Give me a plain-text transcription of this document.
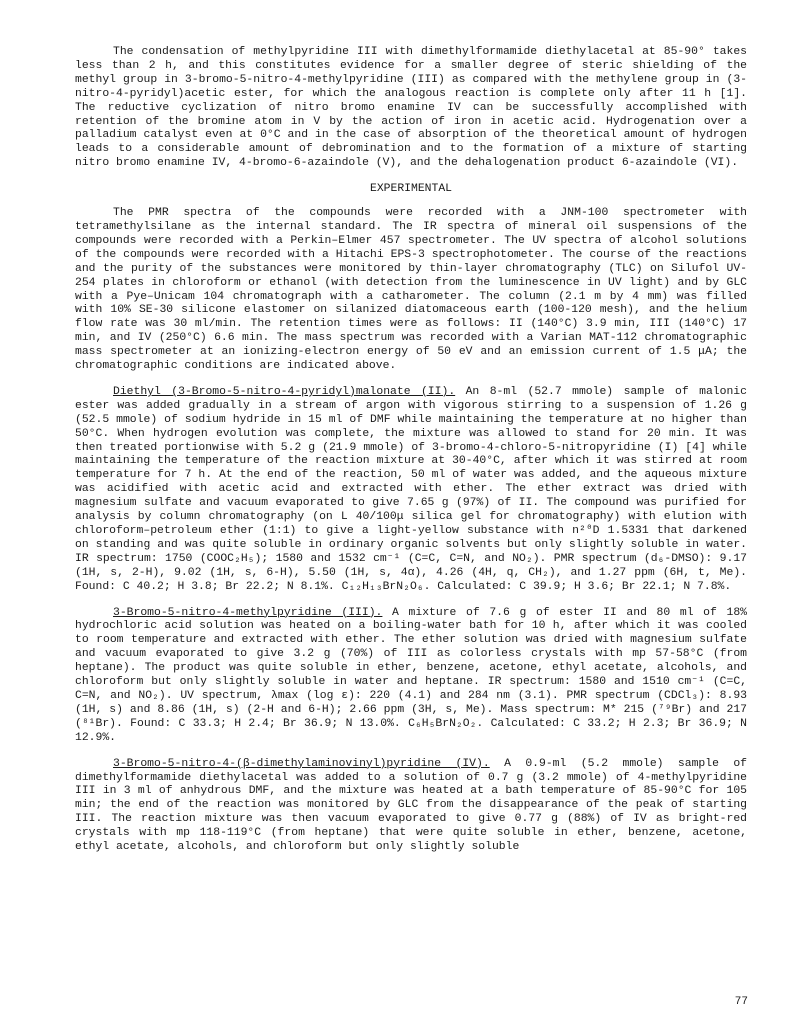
The condensation of methylpyridine III with dimethylformamide diethylacetal at 85-90° takes less than 2 h, and this constitutes evidence for a smaller degree of steric shielding of the methyl group in 3-bromo-5-nitro-4-methylpyridine (III) as compared with the methylene group in (3-nitro-4-pyridyl)acetic ester, for which the analogous reaction is complete only after 11 h [1]. The reductive cyclization of nitro bromo enamine IV can be successfully accomplished with retention of the bromine atom in V by the action of iron in acetic acid. Hydrogenation over a palladium catalyst even at 0°C and in the case of absorption of the theoretical amount of hydrogen leads to a considerable amount of debromination and to the formation of a mixture of starting nitro bromo enamine IV, 4-bromo-6-azaindole (V), and the dehalogenation product 6-azaindole (VI).

EXPERIMENTAL

The PMR spectra of the compounds were recorded with a JNM-100 spectrometer with tetramethylsilane as the internal standard. The IR spectra of mineral oil suspensions of the compounds were recorded with a Perkin–Elmer 457 spectrometer. The UV spectra of alcohol solutions of the compounds were recorded with a Hitachi EPS-3 spectrophotometer. The course of the reactions and the purity of the substances were monitored by thin-layer chromatography (TLC) on Silufol UV-254 plates in chloroform or ethanol (with detection from the luminescence in UV light) and by GLC with a Pye–Unicam 104 chromatograph with a catharometer. The column (2.1 m by 4 mm) was filled with 10% SE-30 silicone elastomer on silanized diatomaceous earth (100-120 mesh), and the helium flow rate was 30 ml/min. The retention times were as follows: II (140°C) 3.9 min, III (140°C) 17 min, and IV (250°C) 6.6 min. The mass spectrum was recorded with a Varian MAT-112 chromatographic mass spectrometer at an ionizing-electron energy of 50 eV and an emission current of 1.5 μA; the chromatographic conditions are indicated above.

Diethyl (3-Bromo-5-nitro-4-pyridyl)malonate (II). An 8-ml (52.7 mmole) sample of malonic ester was added gradually in a stream of argon with vigorous stirring to a suspension of 1.26 g (52.5 mmole) of sodium hydride in 15 ml of DMF while maintaining the temperature at no higher than 50°C. When hydrogen evolution was complete, the mixture was allowed to stand for 20 min. It was then treated portionwise with 5.2 g (21.9 mmole) of 3-bromo-4-chloro-5-nitropyridine (I) [4] while maintaining the temperature of the reaction mixture at 30-40°C, after which it was stirred at room temperature for 7 h. At the end of the reaction, 50 ml of water was added, and the aqueous mixture was acidified with acetic acid and extracted with ether. The ether extract was dried with magnesium sulfate and vacuum evaporated to give 7.65 g (97%) of II. The compound was purified for analysis by column chromatography (on L 40/100μ silica gel for chromatography) with elution with chloroform–petroleum ether (1:1) to give a light-yellow substance with n²⁰D 1.5331 that darkened on standing and was quite soluble in ordinary organic solvents but only slightly soluble in water. IR spectrum: 1750 (COOC₂H₅); 1580 and 1532 cm⁻¹ (C=C, C=N, and NO₂). PMR spectrum (d₆-DMSO): 9.17 (1H, s, 2-H), 9.02 (1H, s, 6-H), 5.50 (1H, s, 4α), 4.26 (4H, q, CH₂), and 1.27 ppm (6H, t, Me). Found: C 40.2; H 3.8; Br 22.2; N 8.1%. C₁₂H₁₃BrN₂O₆. Calculated: C 39.9; H 3.6; Br 22.1; N 7.8%.

3-Bromo-5-nitro-4-methylpyridine (III). A mixture of 7.6 g of ester II and 80 ml of 18% hydrochloric acid solution was heated on a boiling-water bath for 10 h, after which it was cooled to room temperature and extracted with ether. The ether solution was dried with magnesium sulfate and vacuum evaporated to give 3.2 g (70%) of III as colorless crystals with mp 57-58°C (from heptane). The product was quite soluble in ether, benzene, acetone, ethyl acetate, alcohols, and chloroform but only slightly soluble in water and heptane. IR spectrum: 1580 and 1510 cm⁻¹ (C=C, C=N, and NO₂). UV spectrum, λmax (log ε): 220 (4.1) and 284 nm (3.1). PMR spectrum (CDCl₃): 8.93 (1H, s) and 8.86 (1H, s) (2-H and 6-H); 2.66 ppm (3H, s, Me). Mass spectrum: M* 215 (⁷⁹Br) and 217 (⁸¹Br). Found: C 33.3; H 2.4; Br 36.9; N 13.0%. C₆H₅BrN₂O₂. Calculated: C 33.2; H 2.3; Br 36.9; N 12.9%.

3-Bromo-5-nitro-4-(β-dimethylaminovinyl)pyridine (IV). A 0.9-ml (5.2 mmole) sample of dimethylformamide diethylacetal was added to a solution of 0.7 g (3.2 mmole) of 4-methylpyridine III in 3 ml of anhydrous DMF, and the mixture was heated at a bath temperature of 85-90°C for 105 min; the end of the reaction was monitored by GLC from the disappearance of the peak of starting III. The reaction mixture was then vacuum evaporated to give 0.77 g (88%) of IV as bright-red crystals with mp 118-119°C (from heptane) that were quite soluble in ether, benzene, acetone, ethyl acetate, alcohols, and chloroform but only slightly soluble

77
